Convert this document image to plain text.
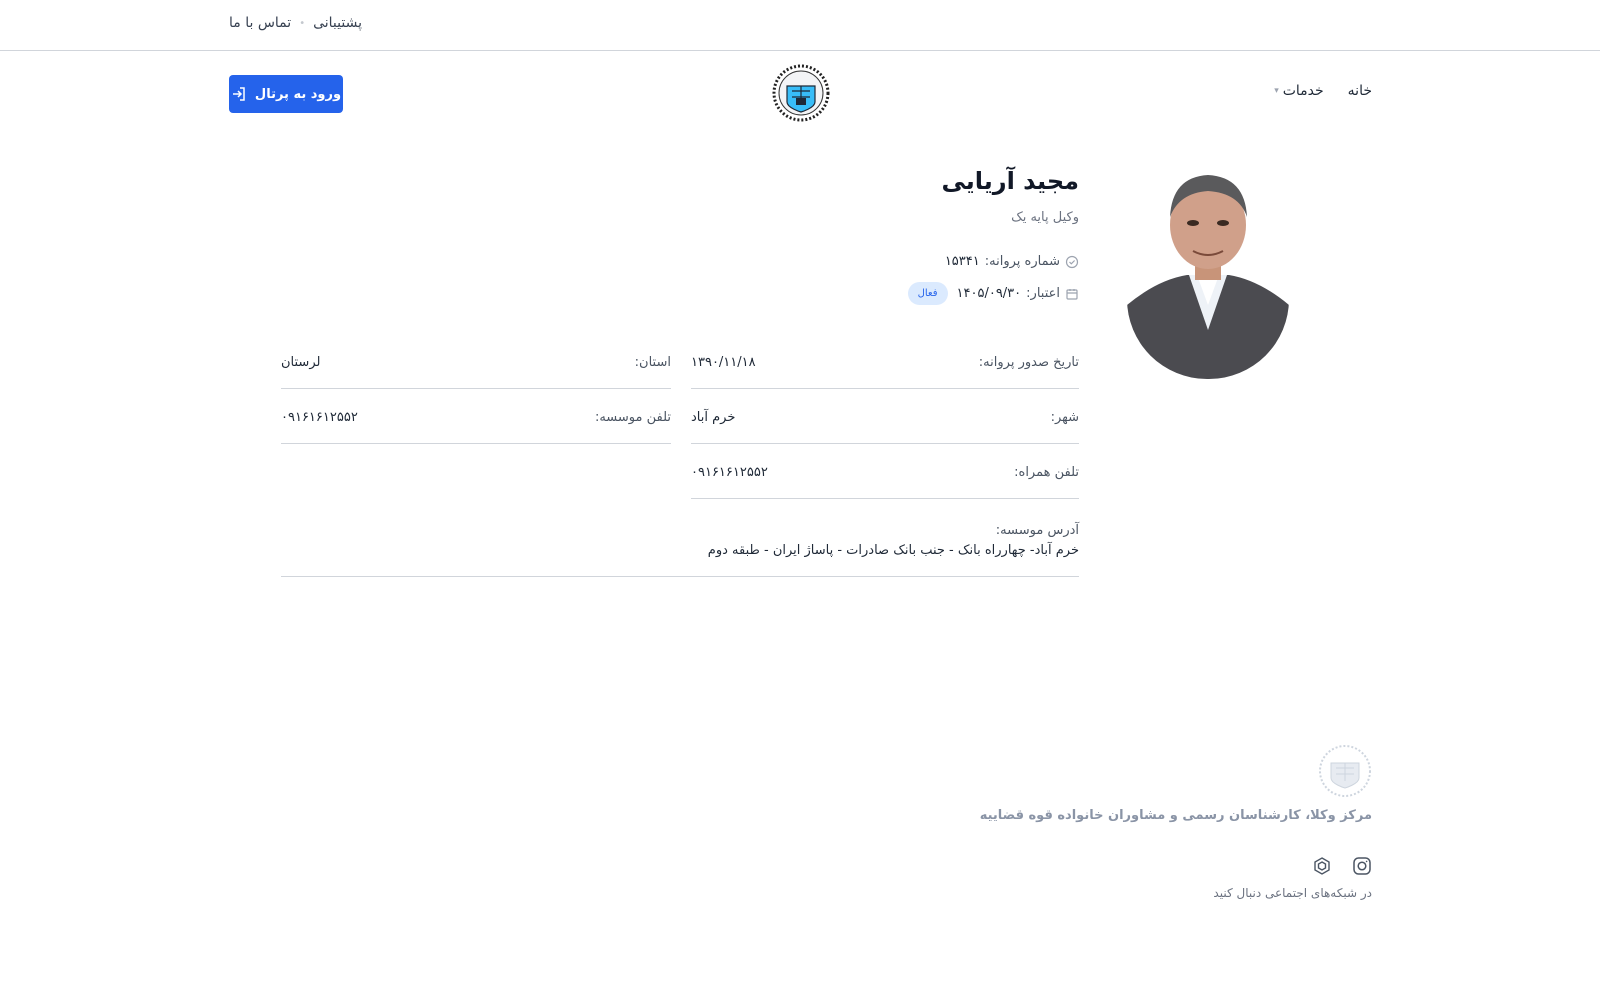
پشتیبانی
•
تماس با ما
خانه
خدمات
▾
ورود به پرتال
مجید آریایی
وکیل پایه یک
شماره پروانه:
۱۵۳۴۱
اعتبار:
۱۴۰۵/۰۹/۳۰
فعال
تاریخ صدور پروانه:
۱۳۹۰/۱۱/۱۸
استان:
لرستان
شهر:
خرم آباد
تلفن موسسه:
۰۹۱۶۱۶۱۲۵۵۲
تلفن همراه:
۰۹۱۶۱۶۱۲۵۵۲
آدرس موسسه:
خرم آباد- چهارراه بانک - جنب بانک صادرات - پاساژ ایران - طبقه دوم
مرکز وکلا، کارشناسان رسمی و مشاوران خانواده قوه قضاییه
در شبکه‌های اجتماعی دنبال کنید
